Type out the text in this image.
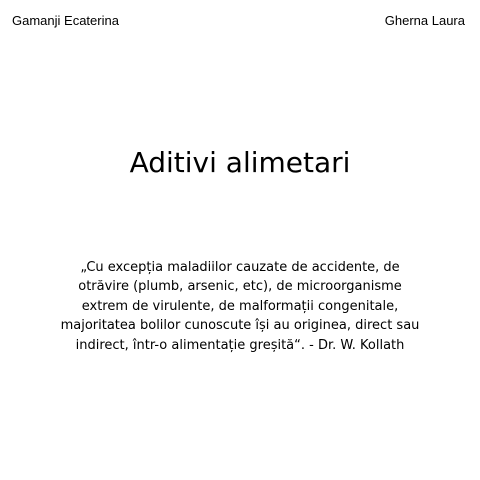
Gamanji Ecaterina	Gherna Laura
Aditivi alimetari
„Cu excepția maladiilor cauzate de accidente, de
otrăvire (plumb, arsenic, etc), de microorganisme
extrem de virulente, de malformații congenitale,
majoritatea bolilor cunoscute își au originea, direct sau
indirect, într-o alimentație greșită“. - Dr. W. Kollath
